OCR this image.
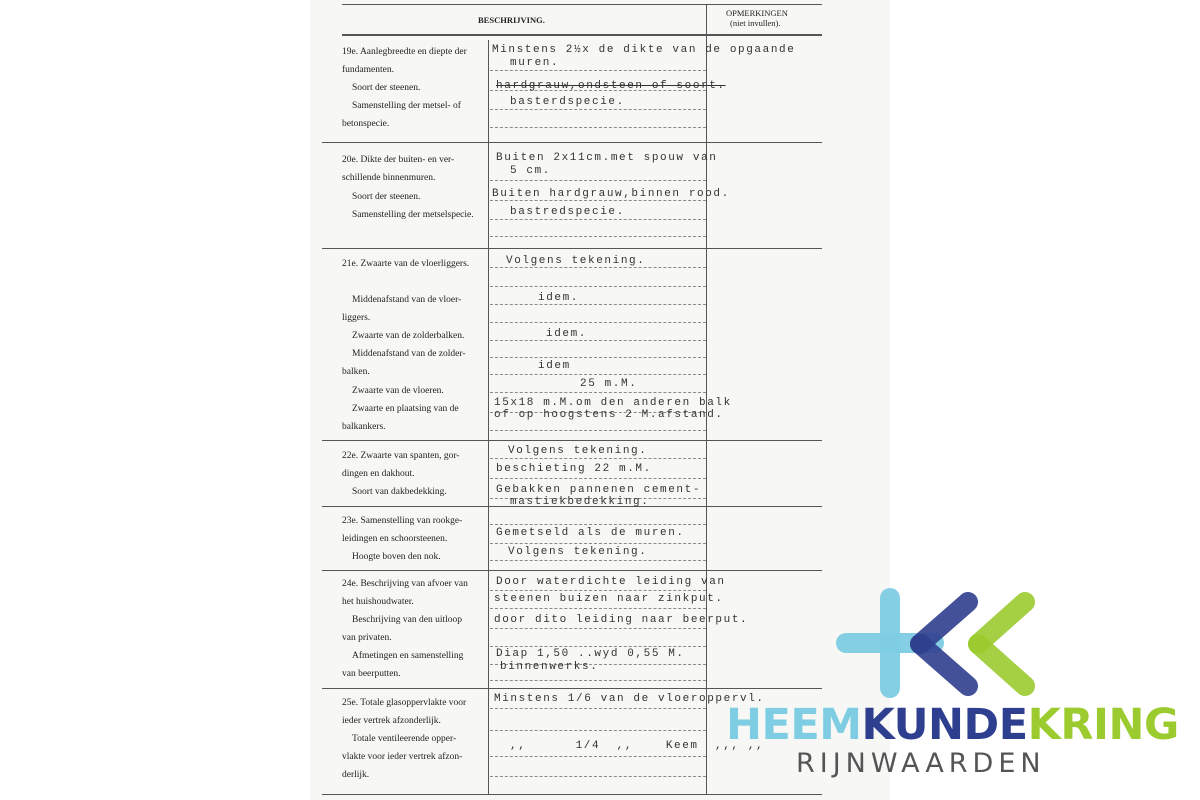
BESCHRIJVING.
OPMERKINGEN
(niet invullen).
19e. Aanlegbreedte en diepte der
fundamenten.
Soort der steenen.
Samenstelling der metsel- of
betonspecie.
Minstens 2½x de dikte van de opgaande
muren.
hardgrauw,ondsteen of soort.
basterdspecie.
20e. Dikte der buiten- en ver-
schillende binnenmuren.
Soort der steenen.
Samenstelling der metselspecie.
Buiten 2x11cm.met spouw van
5 cm.
Buiten hardgrauw,binnen rood.
bastredspecie.
21e. Zwaarte van de vloerliggers.
Middenafstand van de vloer-
liggers.
Zwaarte van de zolderbalken.
Middenafstand van de zolder-
balken.
Zwaarte van de vloeren.
Zwaarte en plaatsing van de
balkankers.
Volgens tekening.
idem.
idem.
idem
25 m.M.
15x18 m.M.om den anderen balk
of op hoogstens 2 M.afstand.
22e. Zwaarte van spanten, gor-
dingen en dakhout.
Soort van dakbedekking.
Volgens tekening.
beschieting 22 m.M.
Gebakken pannenen cement-
mastiekbedekking.
23e. Samenstelling van rookge-
leidingen en schoorsteenen.
Hoogte boven den nok.
Gemetseld als de muren.
Volgens tekening.
24e. Beschrijving van afvoer van
het huishoudwater.
Beschrijving van den uitloop
van privaten.
Afmetingen en samenstelling
van beerputten.
Door waterdichte leiding van
steenen buizen naar zinkput.
door dito leiding naar beerput.
Diap 1,50 ..wyd 0,55 M.
binnenwerks.
25e. Totale glasoppervlakte voor
ieder vertrek afzonderlijk.
Totale ventileerende opper-
vlakte voor ieder vertrek afzon-
derlijk.
Minstens 1/6 van de vloeroppervl.
,,      1/4  ,,    Keem  ,,, ,,
HEEMKUNDEKRING
RIJNWAARDEN
